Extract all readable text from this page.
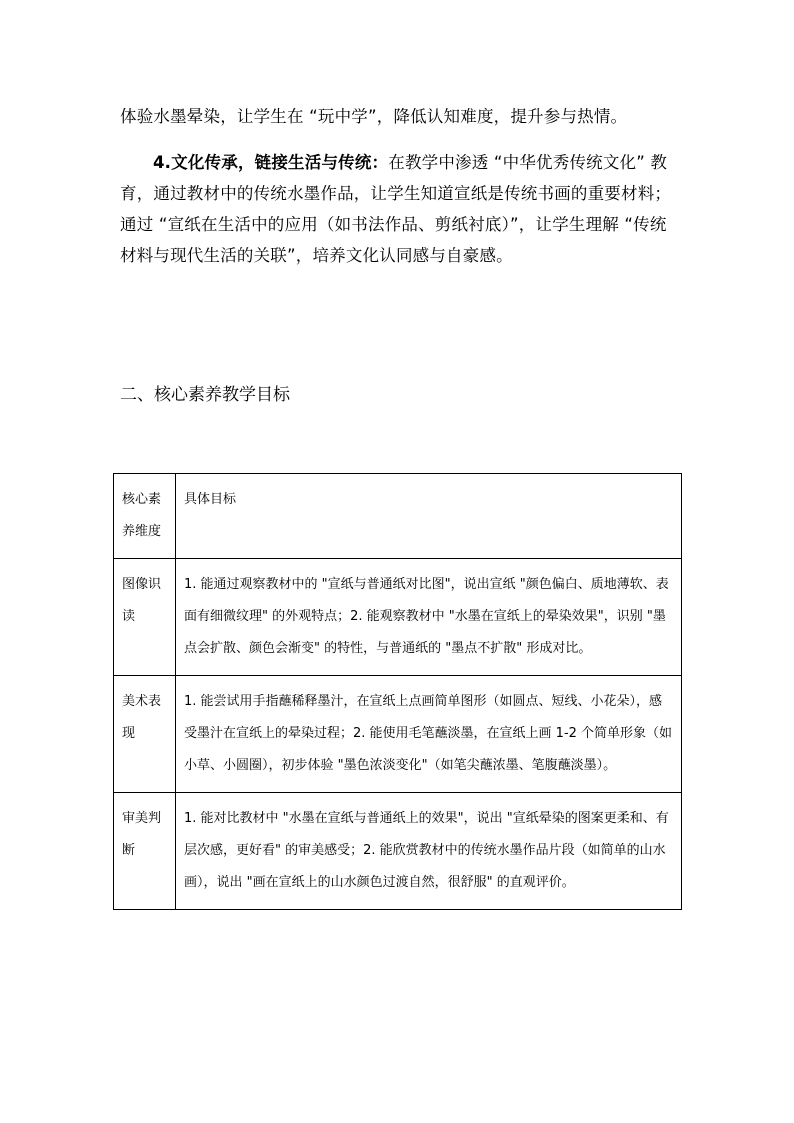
体验水墨晕染，让学生在 “玩中学”，降低认知难度，提升参与热情。

4.文化传承，链接生活与传统：在教学中渗透 “中华优秀传统文化” 教育，通过教材中的传统水墨作品，让学生知道宣纸是传统书画的重要材料；通过 “宣纸在生活中的应用（如书法作品、剪纸衬底）”，让学生理解 “传统材料与现代生活的关联”，培养文化认同感与自豪感。

二、核心素养教学目标
核心素养维度	具体目标
图像识读	1. 能通过观察教材中的 "宣纸与普通纸对比图"，说出宣纸 "颜色偏白、质地薄软、表面有细微纹理" 的外观特点；2. 能观察教材中 "水墨在宣纸上的晕染效果"，识别 "墨点会扩散、颜色会渐变" 的特性，与普通纸的 "墨点不扩散" 形成对比。
美术表现	1. 能尝试用手指蘸稀释墨汁，在宣纸上点画简单图形（如圆点、短线、小花朵），感受墨汁在宣纸上的晕染过程；2. 能使用毛笔蘸淡墨，在宣纸上画 1-2 个简单形象（如小草、小圆圈），初步体验 "墨色浓淡变化"（如笔尖蘸浓墨、笔腹蘸淡墨）。
审美判断	1. 能对比教材中 "水墨在宣纸与普通纸上的效果"，说出 "宣纸晕染的图案更柔和、有层次感，更好看" 的审美感受；2. 能欣赏教材中的传统水墨作品片段（如简单的山水画），说出 "画在宣纸上的山水颜色过渡自然，很舒服" 的直观评价。
